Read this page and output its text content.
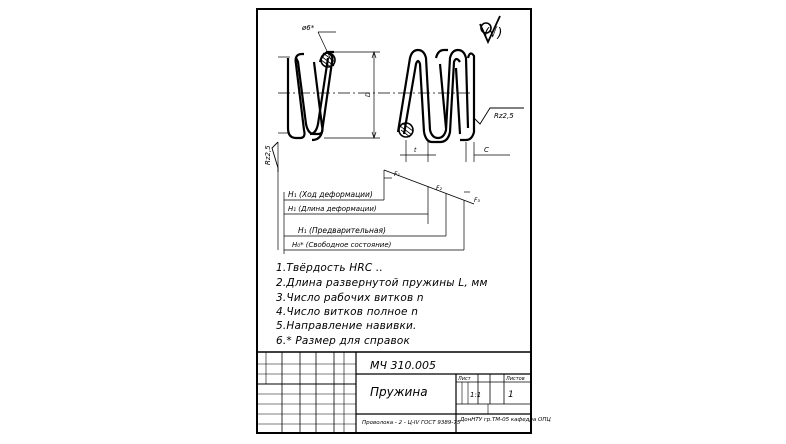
(√)
Rz2,5
Rz2,5
ø6*
D
t	C
F₁
F₂
F₃
Н₁ (Ход деформации)
Н₁ (Длина деформации)
Н₁ (Предварительная)
Н₀* (Свободное состояние)
МЧ 310.005
Пружина
Лист	Листов
1
1:1
Проволока - 2 - Ц-IV ГОСТ 9389-75 ДонНТУ гр.ТМ-05 кафедра ОПЦ
1.Твёрдость HRC ..
2.Длина развернутой пружины L, мм
3.Число рабочих витков n
4.Число витков полное n
5.Направление навивки.
6.* Размер для справок
